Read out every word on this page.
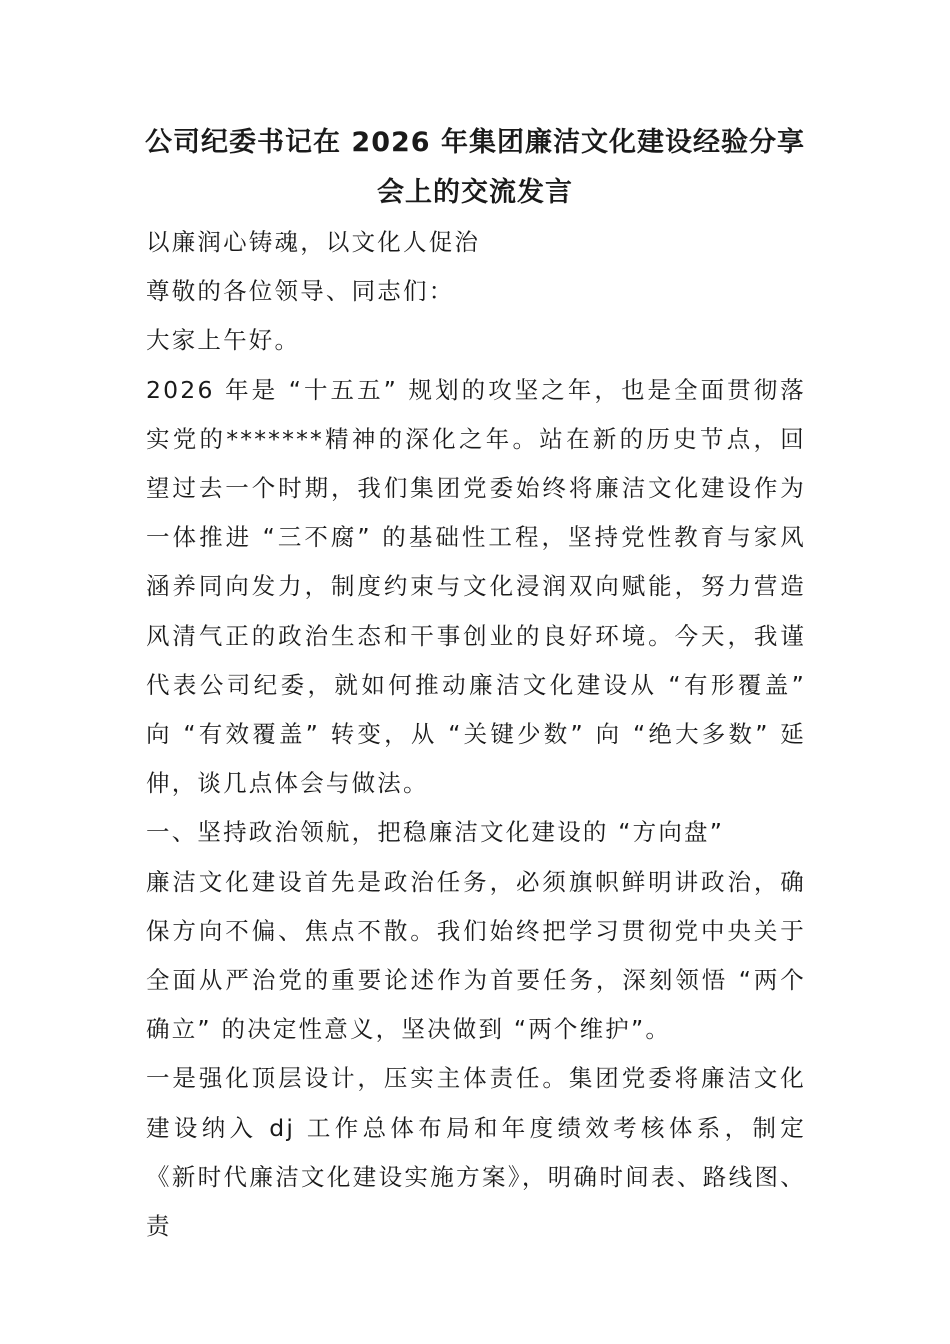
公司纪委书记在 2026 年集团廉洁文化建设经验分享会上的交流发言

以廉润心铸魂，以文化人促治

尊敬的各位领导、同志们：

大家上午好。

2026 年是 “十五五” 规划的攻坚之年，也是全面贯彻落实党的*******精神的深化之年。站在新的历史节点，回望过去一个时期，我们集团党委始终将廉洁文化建设作为一体推进 “三不腐” 的基础性工程，坚持党性教育与家风涵养同向发力，制度约束与文化浸润双向赋能，努力营造风清气正的政治生态和干事创业的良好环境。今天，我谨代表公司纪委，就如何推动廉洁文化建设从 “有形覆盖” 向 “有效覆盖” 转变，从 “关键少数” 向 “绝大多数” 延伸，谈几点体会与做法。

一、坚持政治领航，把稳廉洁文化建设的 “方向盘”

廉洁文化建设首先是政治任务，必须旗帜鲜明讲政治，确保方向不偏、焦点不散。我们始终把学习贯彻党中央关于全面从严治党的重要论述作为首要任务，深刻领悟 “两个确立” 的决定性意义，坚决做到 “两个维护”。

一是强化顶层设计，压实主体责任。集团党委将廉洁文化建设纳入 dj 工作总体布局和年度绩效考核体系，制定《新时代廉洁文化建设实施方案》，明确时间表、路线图、责
